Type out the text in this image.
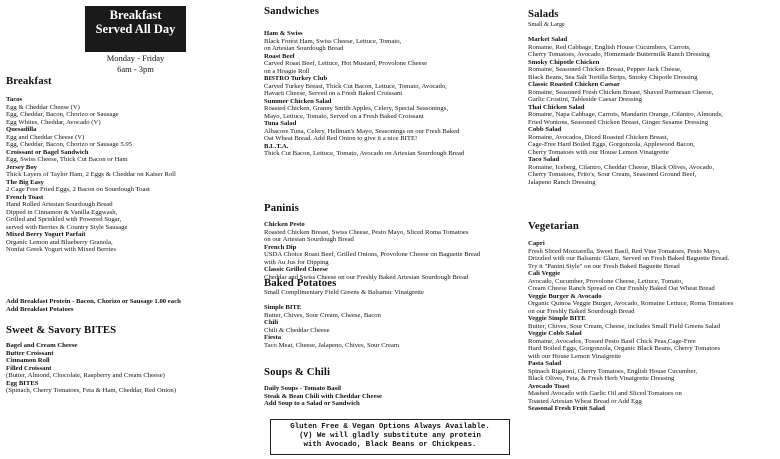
Breakfast
Served All Day
Monday - Friday
6am - 3pm
Breakfast
Tacos
Egg & Cheddar Cheese (V)
Egg, Cheddar, Bacon, Chorizo or Sausage
Egg Whites, Cheddar, Avocado (V)
Quesadilla
Egg and Cheddar Cheese (V)
Egg, Cheddar, Bacon, Chorizo or Sausage 5.95
Croissant or Bagel Sandwich
Egg, Swiss Cheese, Thick Cut Bacon or Ham
Jersey Boy
Thick Layers of Taylor Ham, 2 Eggs & Cheddar on Kaiser Roll
The Big Easy
2 Cage Free Fried Eggs, 2 Bacon on Sourdough Toast
French Toast
Hand Rolled Artesian Sourdough Bread
Dipped in Cinnamon & Vanilla Eggwash,
Grilled and Sprinkled with Powered Sugar,
served with Berries & Country Style Sausage
Mixed Berry Yogurt Parfait
Organic Lemon and Blueberry Granola,
Nonfat Greek Yogurt with Mixed Berries
Add Breakfast Protein - Bacon, Chorizo or Sausage 1.00 each
Add Breakfast Potatoes
Sweet & Savory BITES
Bagel and Cream Cheese
Butter Croissant
Cinnamon Roll
Filled Croissant
(Butter, Almond, Chocolate, Raspberry and Cream Cheese)
Egg BITES
(Spinach, Cherry Tomatoes, Feta & Ham, Cheddar, Red Onion)
Sandwiches
Ham & Swiss
Black Forest Ham, Swiss Cheese, Lettuce, Tomato,
on Artesian Sourdough Bread
Roast Beef
Carved Roast Beef, Lettuce, Hot Mustard, Provolone Cheese
on a Hoagie Roll
BISTRO Turkey Club
Carved Turkey Breast, Thick Cut Bacon, Lettuce, Tomato, Avocado,
Havarti Cheese, Served on a Fresh Baked Croissant
Summer Chicken Salad
Roasted Chicken, Granny Smith Apples, Celery, Special Seasonings,
Mayo, Lettuce, Tomato, Served on a Fresh Baked Croissant
Tuna Salad
Albacore Tuna, Celery, Hellman's Mayo, Seasonings on our Fresh Baked
Oat Wheat Bread. Add Red Onion to give it a nice BITE!
B.L.T.A.
Thick Cut Bacon, Lettuce, Tomato, Avocado on Artesian Sourdough Bread
Paninis
Chicken Pesto
Roasted Chicken Breast, Swiss Cheese, Pesto Mayo, Sliced Roma Tomatoes
on our Artesian Sourdough Bread
French Dip
USDA Choice Roast Beef, Grilled Onions, Provolone Cheese on Baguette Bread
with Au Jus for Dipping
Classic Grilled Cheese
Cheddar and Swiss Cheese on our Freshly Baked Artesian Sourdough Bread
Baked Potatoes
Small Complimentary Field Greens & Balsamic Vinaigrette
Simple BITE
Butter, Chives, Sour Cream, Cheese, Bacon
Chili
Chili & Cheddar Cheese
Fiesta
Taco Meat, Cheese, Jalapeno, Chives, Sour Cream
Soups & Chili
Daily Soups - Tomato Basil
Steak & Bean Chili with Cheddar Cheese
Add Soup to a Salad or Sandwich
Gluten Free & Vegan Options Always Available.
(V) We will gladly substitute any protein
with Avocado, Black Beans or Chickpeas.
Salads
Small & Large
Market Salad
Romaine, Red Cabbage, English House Cucumbers, Carrots,
Cherry Tomatoes, Avocado, Homemade Buttermilk Ranch Dressing
Smoky Chipotle Chicken
Romaine, Seasoned Chicken Breast, Pepper Jack Cheese,
Black Beans, Sea Salt Tortilla Strips, Smoky Chipotle Dressing
Classic Roasted Chicken Caesar
Romaine, Seasoned Fresh Chicken Breast, Shaved Parmesan Cheese,
Garlic Crostini, Tableside Caesar Dressing
Thai Chicken Salad
Romaine, Napa Cabbage, Carrots, Mandarin Orange, Cilantro, Almonds,
Fried Wontons, Seasoned Chicken Breast, Ginger Sesame Dressing
Cobb Salad
Romaine, Avocados, Diced Roasted Chicken Breast,
Cage-Free Hard Boiled Eggs, Gorgonzola, Applewood Bacon,
Cherry Tomatoes with our House Lemon Vinaigrette
Taco Salad
Romaine, Iceberg, Cilantro, Cheddar Cheese, Black Olives, Avocado,
Cherry Tomatoes, Frito's, Sour Cream, Seasoned Ground Beef,
Jalapeno Ranch Dressing
Vegetarian
Capri
Fresh Sliced Mozzarella, Sweet Basil, Red Vine Tomatoes, Pesto Mayo,
Drizzled with our Balsamic Glaze, Served on Fresh Baked Baguette Bread.
Try it "Panini Style" on our Fresh Baked Baguette Bread
Cali Veggie
Avocado, Cucumber, Provolone Cheese, Lettuce, Tomato,
Cream Cheese Ranch Spread on Our Freshly Baked Oat Wheat Bread
Veggie Burger & Avocado
Organic Quinoa Veggie Burger, Avocado, Romaine Lettuce, Roma Tomatoes
on our Freshly Baked Sourdough Bread
Veggie Simple BITE
Butter, Chives, Sour Cream, Cheese, includes Small Field Greens Salad
Veggie Cobb Salad
Romaine, Avocados, Tossed Pesto Basil Chick Peas,Cage-Free
Hard Boiled Eggs, Gorgonzola, Organic Black Beans, Cherry Tomatoes
with our House Lemon Vinaigrette
Pasta Salad
Spinach Rigatoni, Cherry Tomatoes, English House Cucumber,
Black Olives, Feta, & Fresh Herb Vinaigrette Dressing
Avocado Toast
Mashed Avocado with Garlic Oil and Sliced Tomatoes on
Toasted Artesian Wheat Bread or Add Egg
Seasonal Fresh Fruit Salad
